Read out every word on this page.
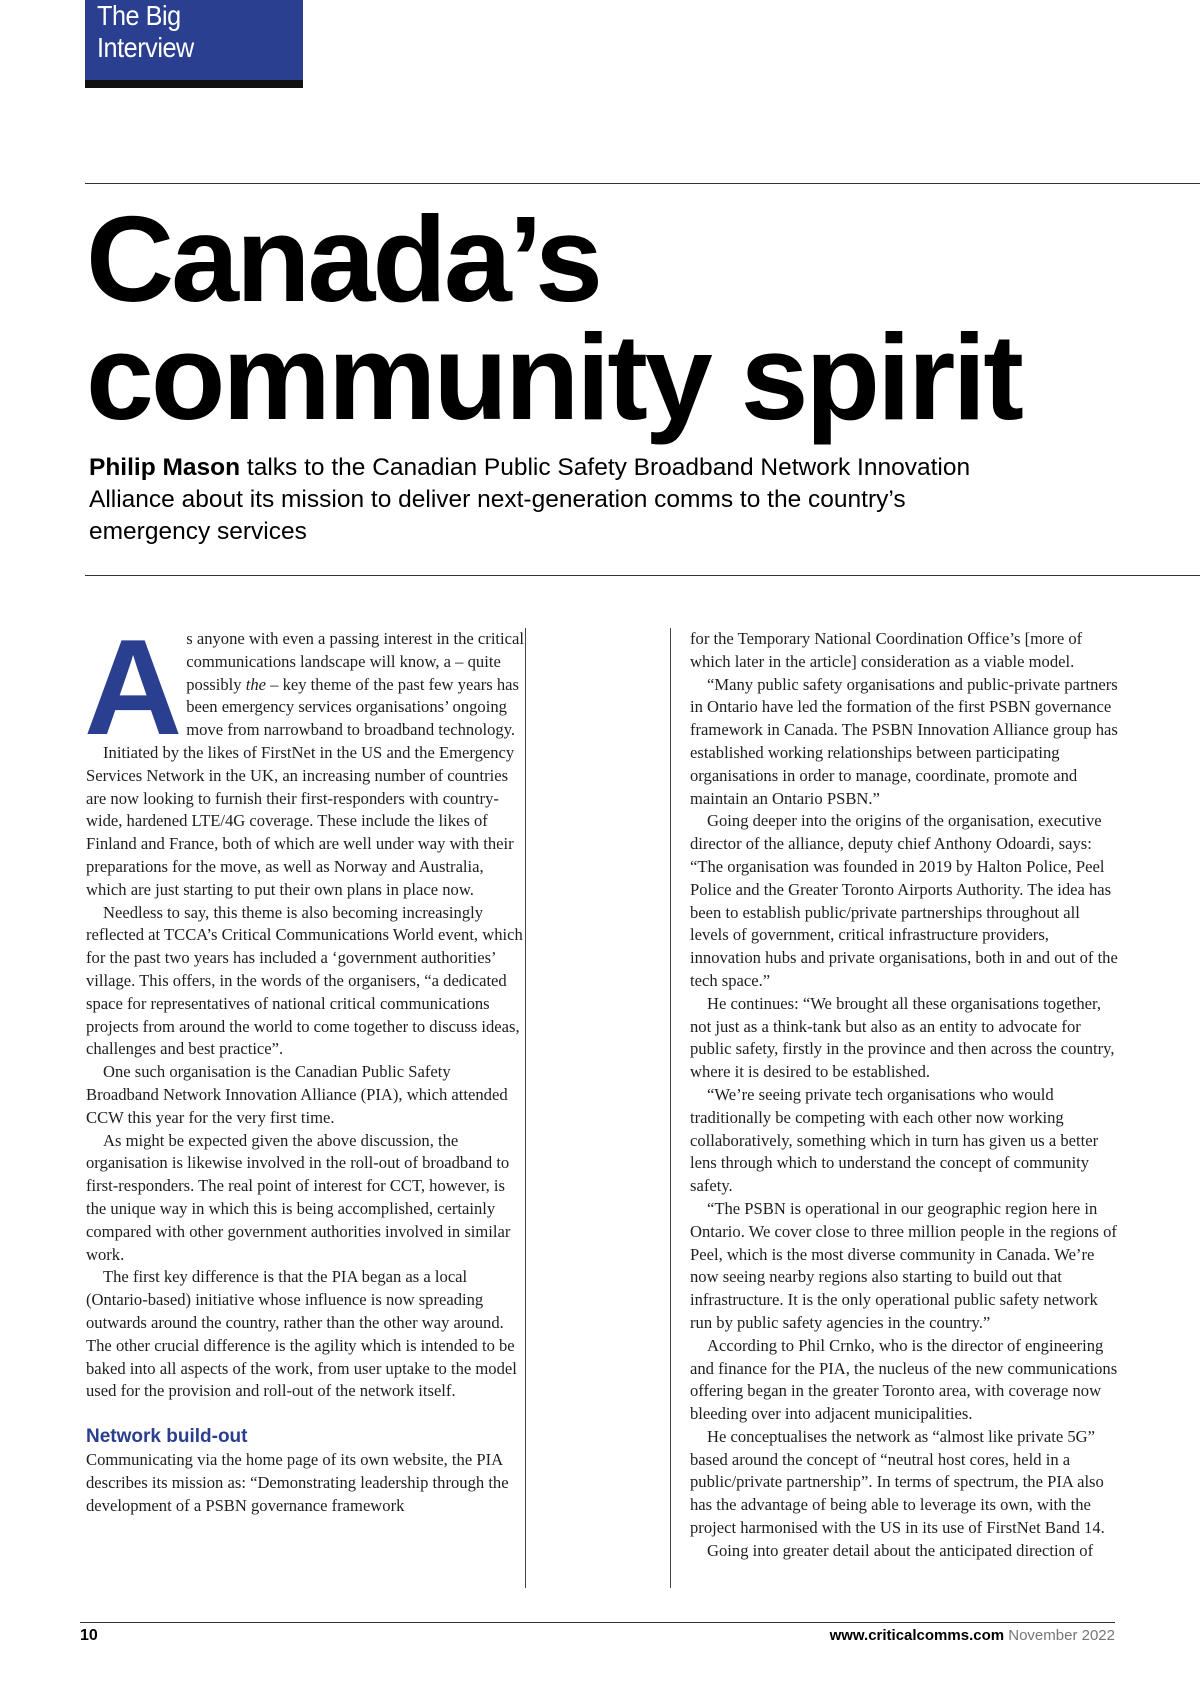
The Big Interview
Canada’s
community spirit

Philip Mason talks to the Canadian Public Safety Broadband Network Innovation Alliance about its mission to deliver next-generation comms to the country’s emergency services

As anyone with even a passing interest in the critical communications landscape will know, a – quite possibly the – key theme of the past few years has been emergency services organisations’ ongoing move from narrowband to broadband technology.

Initiated by the likes of FirstNet in the US and the Emergency Services Network in the UK, an increasing number of countries are now looking to furnish their first-responders with country-wide, hardened LTE/4G coverage. These include the likes of Finland and France, both of which are well under way with their preparations for the move, as well as Norway and Australia, which are just starting to put their own plans in place now.

Needless to say, this theme is also becoming increasingly reflected at TCCA’s Critical Communications World event, which for the past two years has included a ‘government authorities’ village. This offers, in the words of the organisers, “a dedicated space for representatives of national critical communications projects from around the world to come together to discuss ideas, challenges and best practice”.

One such organisation is the Canadian Public Safety Broadband Network Innovation Alliance (PIA), which attended CCW this year for the very first time.

As might be expected given the above discussion, the organisation is likewise involved in the roll-out of broadband to first-responders. The real point of interest for CCT, however, is the unique way in which this is being accomplished, certainly compared with other government authorities involved in similar work.

The first key difference is that the PIA began as a local (Ontario-based) initiative whose influence is now spreading outwards around the country, rather than the other way around. The other crucial difference is the agility which is intended to be baked into all aspects of the work, from user uptake to the model used for the provision and roll-out of the network itself.

Network build-out

Communicating via the home page of its own website, the PIA describes its mission as: “Demonstrating leadership through the development of a PSBN governance framework

for the Temporary National Coordination Office’s [more of which later in the article] consideration as a viable model.

“Many public safety organisations and public-private partners in Ontario have led the formation of the first PSBN governance framework in Canada. The PSBN Innovation Alliance group has established working relationships between participating organisations in order to manage, coordinate, promote and maintain an Ontario PSBN.”

Going deeper into the origins of the organisation, executive director of the alliance, deputy chief Anthony Odoardi, says: “The organisation was founded in 2019 by Halton Police, Peel Police and the Greater Toronto Airports Authority. The idea has been to establish public/private partnerships throughout all levels of government, critical infrastructure providers, innovation hubs and private organisations, both in and out of the tech space.”

He continues: “We brought all these organisations together, not just as a think-tank but also as an entity to advocate for public safety, firstly in the province and then across the country, where it is desired to be established.

“We’re seeing private tech organisations who would traditionally be competing with each other now working collaboratively, something which in turn has given us a better lens through which to understand the concept of community safety.

“The PSBN is operational in our geographic region here in Ontario. We cover close to three million people in the regions of Peel, which is the most diverse community in Canada. We’re now seeing nearby regions also starting to build out that infrastructure. It is the only operational public safety network run by public safety agencies in the country.”

According to Phil Crnko, who is the director of engineering and finance for the PIA, the nucleus of the new communications offering began in the greater Toronto area, with coverage now bleeding over into adjacent municipalities.

He conceptualises the network as “almost like private 5G” based around the concept of “neutral host cores, held in a public/private partnership”. In terms of spectrum, the PIA also has the advantage of being able to leverage its own, with the project harmonised with the US in its use of FirstNet Band 14.

Going into greater detail about the anticipated direction of

10	www.criticalcomms.com November 2022
